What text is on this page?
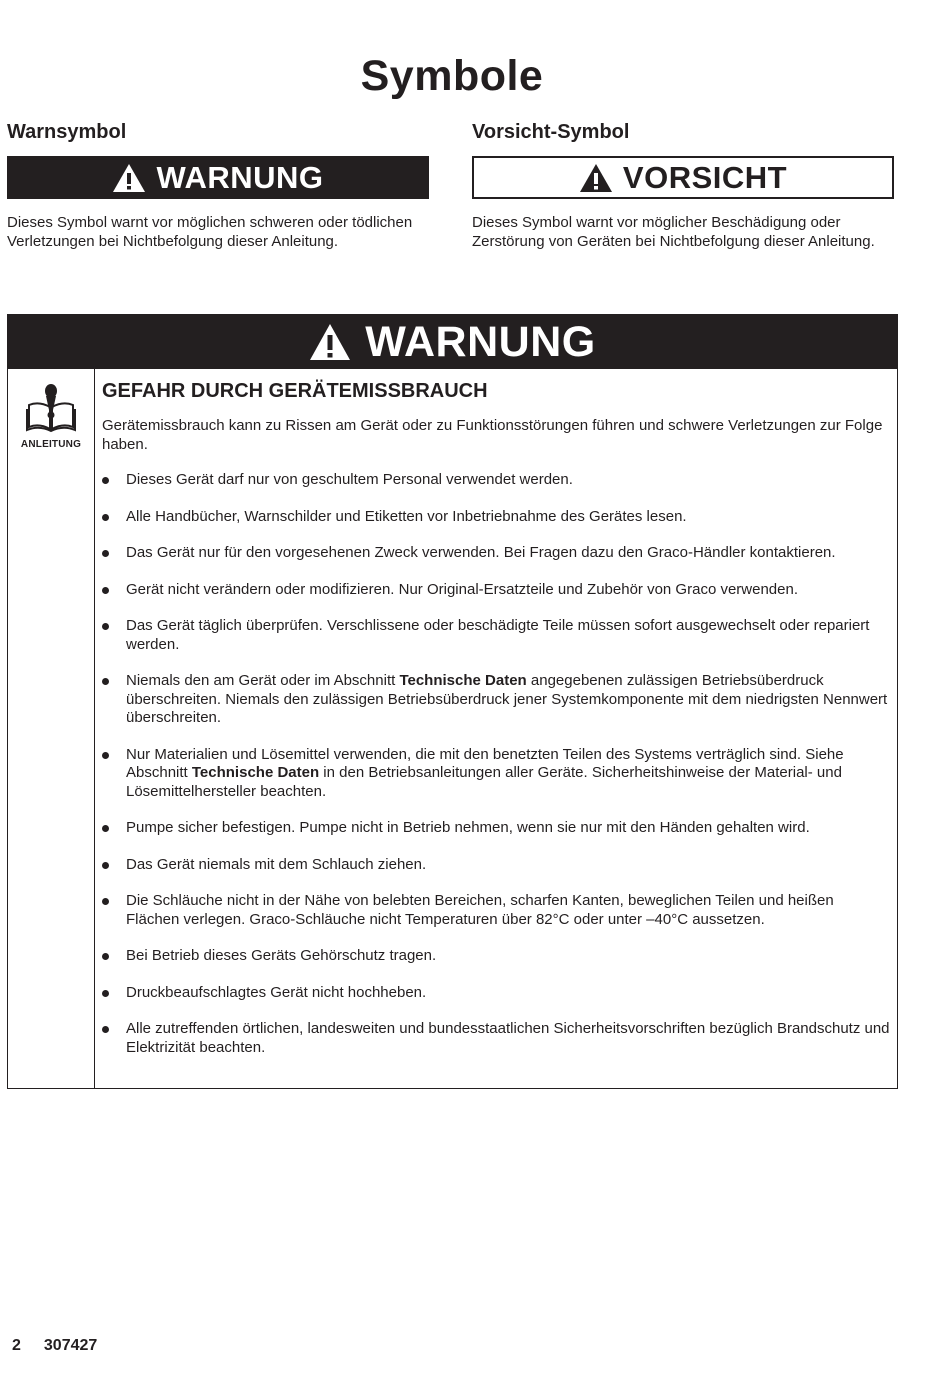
Symbole
Warnsymbol
WARNUNG
Dieses Symbol warnt vor möglichen schweren oder tödlichen Verletzungen bei Nichtbefolgung dieser Anleitung.
Vorsicht-Symbol
VORSICHT
Dieses Symbol warnt vor möglicher Beschädigung oder Zerstörung von Geräten bei Nichtbefolgung dieser Anleitung.
WARNUNG
ANLEITUNG
GEFAHR DURCH GERÄTEMISSBRAUCH

Gerätemissbrauch kann zu Rissen am Gerät oder zu Funktionsstörungen führen und schwere Verletzungen zur Folge haben.

Dieses Gerät darf nur von geschultem Personal verwendet werden.
Alle Handbücher, Warnschilder und Etiketten vor Inbetriebnahme des Gerätes lesen.
Das Gerät nur für den vorgesehenen Zweck verwenden. Bei Fragen dazu den Graco-Händler kontaktieren.
Gerät nicht verändern oder modifizieren. Nur Original-Ersatzteile und Zubehör von Graco verwenden.
Das Gerät täglich überprüfen. Verschlissene oder beschädigte Teile müssen sofort ausgewechselt oder repariert werden.
Niemals den am Gerät oder im Abschnitt Technische Daten angegebenen zulässigen Betriebsüberdruck überschreiten. Niemals den zulässigen Betriebsüberdruck jener Systemkomponente mit dem niedrigsten Nennwert überschreiten.
Nur Materialien und Lösemittel verwenden, die mit den benetzten Teilen des Systems verträglich sind. Siehe Abschnitt Technische Daten in den Betriebsanleitungen aller Geräte. Sicherheitshinweise der Material- und Lösemittelhersteller beachten.
Pumpe sicher befestigen. Pumpe nicht in Betrieb nehmen, wenn sie nur mit den Händen gehalten wird.
Das Gerät niemals mit dem Schlauch ziehen.
Die Schläuche nicht in der Nähe von belebten Bereichen, scharfen Kanten, beweglichen Teilen und heißen Flächen verlegen. Graco-Schläuche nicht Temperaturen über 82°C oder unter –40°C aussetzen.
Bei Betrieb dieses Geräts Gehörschutz tragen.
Druckbeaufschlagtes Gerät nicht hochheben.
Alle zutreffenden örtlichen, landesweiten und bundesstaatlichen Sicherheitsvorschriften bezüglich Brandschutz und Elektrizität beachten.
2 307427
